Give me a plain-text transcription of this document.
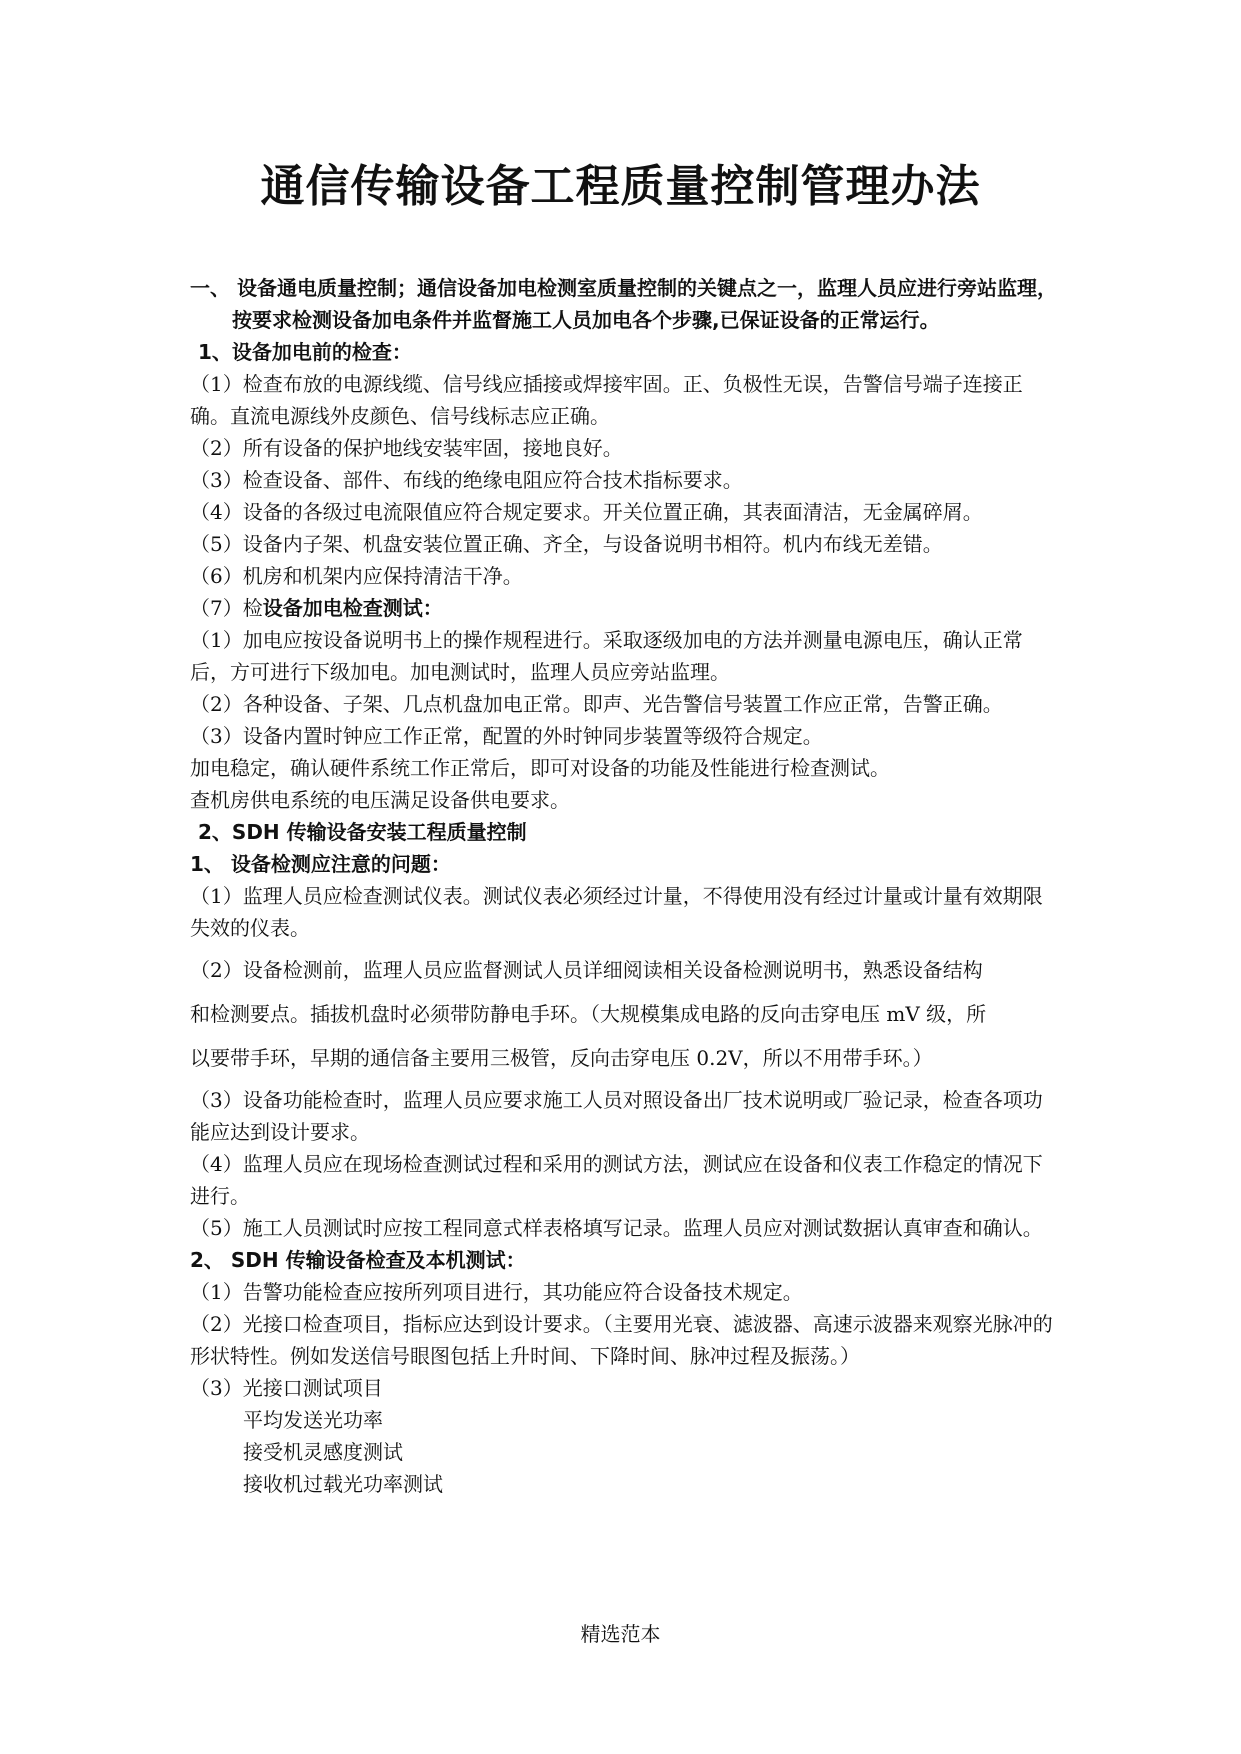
通信传输设备工程质量控制管理办法

一、 设备通电质量控制；通信设备加电检测室质量控制的关键点之一，监理人员应进行旁站监理，按要求检测设备加电条件并监督施工人员加电各个步骤,已保证设备的正常运行。

1、设备加电前的检查：

（1）检查布放的电源线缆、信号线应插接或焊接牢固。正、负极性无误，告警信号端子连接正确。直流电源线外皮颜色、信号线标志应正确。

（2）所有设备的保护地线安装牢固，接地良好。

（3）检查设备、部件、布线的绝缘电阻应符合技术指标要求。

（4）设备的各级过电流限值应符合规定要求。开关位置正确，其表面清洁，无金属碎屑。

（5）设备内子架、机盘安装位置正确、齐全，与设备说明书相符。机内布线无差错。

（6）机房和机架内应保持清洁干净。

（7）检设备加电检查测试：

（1）加电应按设备说明书上的操作规程进行。采取逐级加电的方法并测量电源电压，确认正常后，方可进行下级加电。加电测试时，监理人员应旁站监理。

（2）各种设备、子架、几点机盘加电正常。即声、光告警信号装置工作应正常，告警正确。

（3）设备内置时钟应工作正常，配置的外时钟同步装置等级符合规定。

加电稳定，确认硬件系统工作正常后，即可对设备的功能及性能进行检查测试。

查机房供电系统的电压满足设备供电要求。

2、SDH 传输设备安装工程质量控制

1、 设备检测应注意的问题：

（1）监理人员应检查测试仪表。测试仪表必须经过计量，不得使用没有经过计量或计量有效期限失效的仪表。

（2）设备检测前，监理人员应监督测试人员详细阅读相关设备检测说明书，熟悉设备结构

和检测要点。插拔机盘时必须带防静电手环。（大规模集成电路的反向击穿电压 mV 级，所

以要带手环，早期的通信备主要用三极管，反向击穿电压 0.2V，所以不用带手环。）

（3）设备功能检查时，监理人员应要求施工人员对照设备出厂技术说明或厂验记录，检查各项功能应达到设计要求。

（4）监理人员应在现场检查测试过程和采用的测试方法，测试应在设备和仪表工作稳定的情况下进行。

（5）施工人员测试时应按工程同意式样表格填写记录。监理人员应对测试数据认真审查和确认。

2、 SDH 传输设备检查及本机测试：

（1）告警功能检查应按所列项目进行，其功能应符合设备技术规定。

（2）光接口检查项目，指标应达到设计要求。（主要用光衰、滤波器、高速示波器来观察光脉冲的形状特性。例如发送信号眼图包括上升时间、下降时间、脉冲过程及振荡。）

（3）光接口测试项目

平均发送光功率

接受机灵感度测试

接收机过载光功率测试

精选范本
